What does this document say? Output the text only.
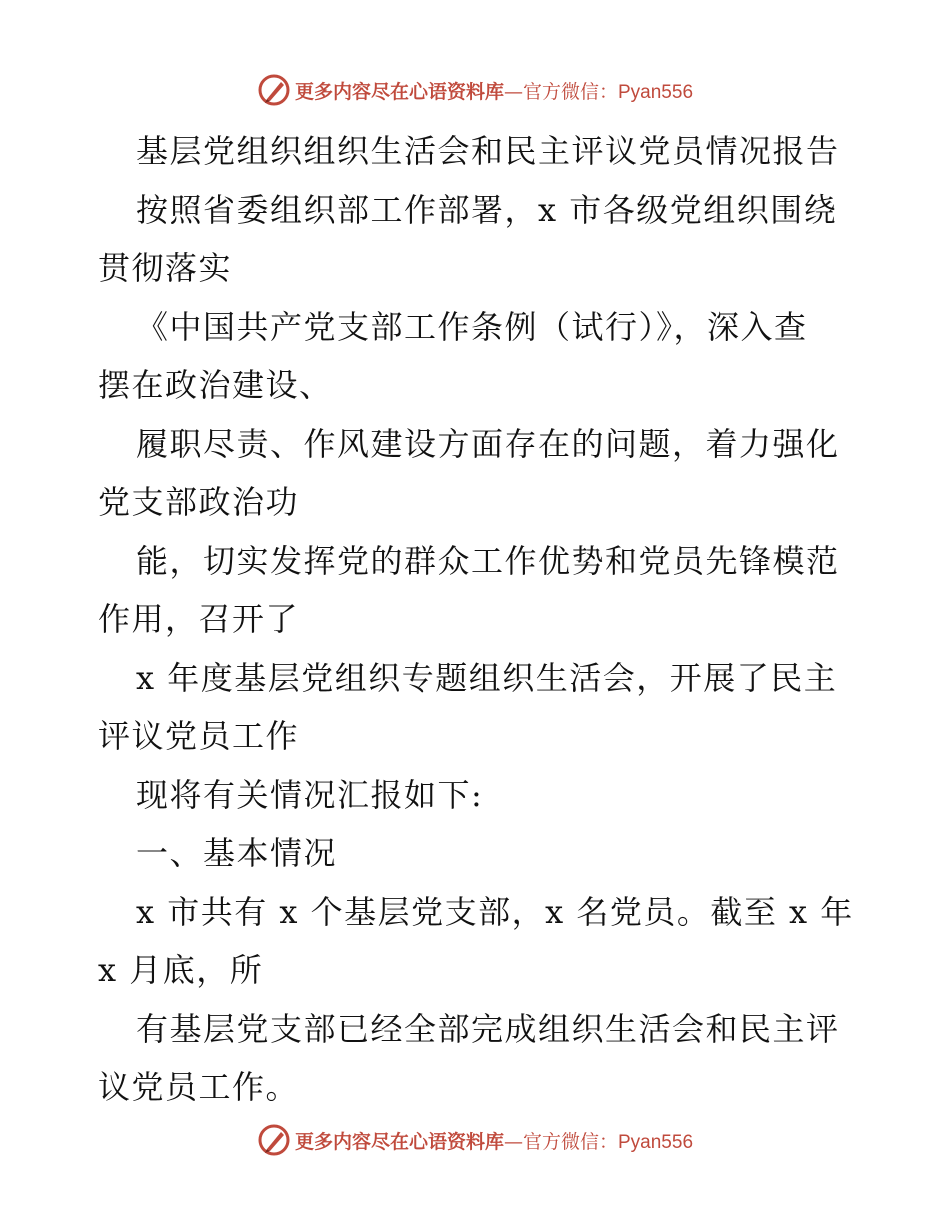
更多内容尽在心语资料库 — 官方微信： Pyan556
基层党组织组织生活会和民主评议党员情况报告
按照省委组织部工作部署，x 市各级党组织围绕
贯彻落实
《中国共产党支部工作条例（试行）》，深入查
摆在政治建设、
履职尽责、作风建设方面存在的问题，着力强化
党支部政治功
能，切实发挥党的群众工作优势和党员先锋模范
作用，召开了
x 年度基层党组织专题组织生活会，开展了民主
评议党员工作
现将有关情况汇报如下:
一、基本情况
x 市共有 x 个基层党支部，x 名党员。截至 x 年
x 月底，所
有基层党支部已经全部完成组织生活会和民主评
议党员工作。
更多内容尽在心语资料库 — 官方微信： Pyan556
